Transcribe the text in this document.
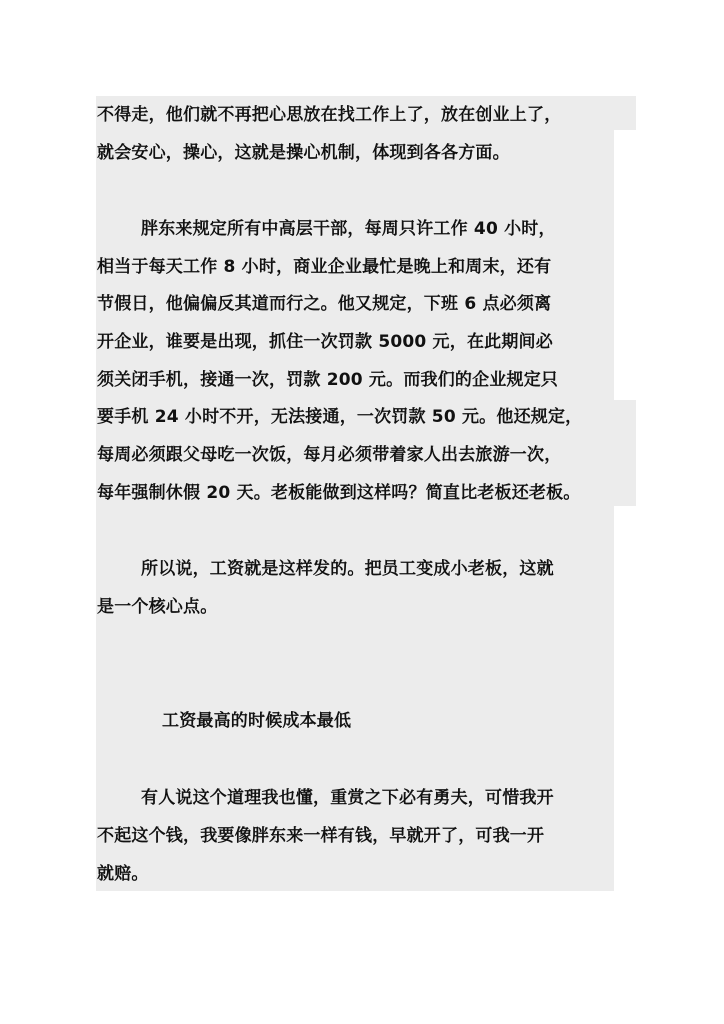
不得走，他们就不再把心思放在找工作上了，放在创业上了，
就会安心，操心，这就是操心机制，体现到各各方面。
胖东来规定所有中高层干部，每周只许工作 40 小时，
相当于每天工作 8 小时，商业企业最忙是晚上和周末，还有
节假日，他偏偏反其道而行之。他又规定，下班 6 点必须离
开企业，谁要是出现，抓住一次罚款 5000 元，在此期间必
须关闭手机，接通一次，罚款 200 元。而我们的企业规定只
要手机 24 小时不开，无法接通，一次罚款 50 元。他还规定，
每周必须跟父母吃一次饭，每月必须带着家人出去旅游一次，
每年强制休假 20 天。老板能做到这样吗？简直比老板还老板。
所以说，工资就是这样发的。把员工变成小老板，这就
是一个核心点。
工资最高的时候成本最低
有人说这个道理我也懂，重赏之下必有勇夫，可惜我开
不起这个钱，我要像胖东来一样有钱，早就开了，可我一开
就赔。
